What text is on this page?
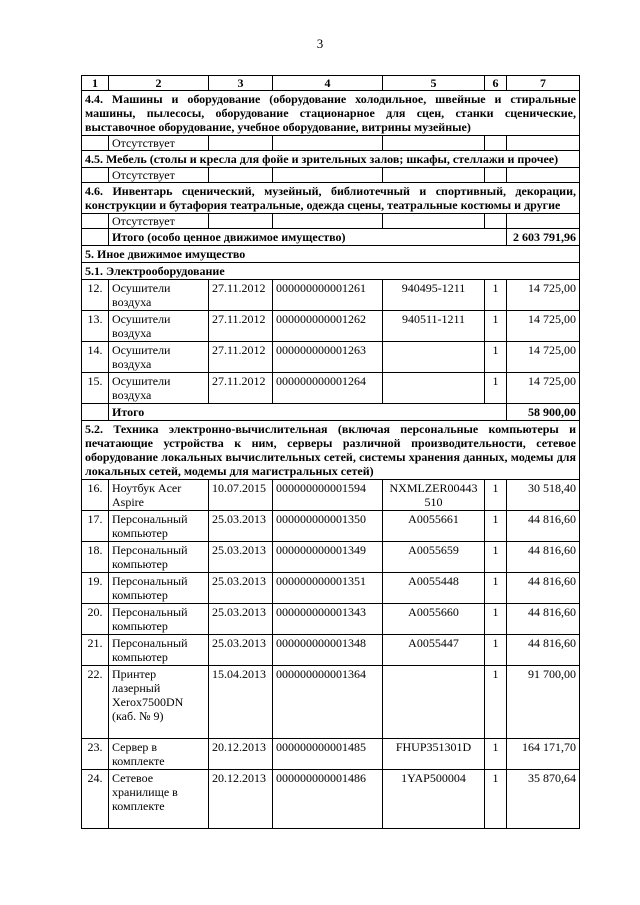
3
1	2	3	4	5	6	7
4.4. Машины и оборудование (оборудование холодильное, швейные и стиральные машины, пылесосы, оборудование стационарное для сцен, станки сценические, выставочное оборудование, учебное оборудование, витрины музейные)						
	Отсутствует					
4.5. Мебель (столы и кресла для фойе и зрительных залов; шкафы, стеллажи и прочее)						
	Отсутствует					
4.6. Инвентарь сценический, музейный, библиотечный и спортивный, декорации, конструкции и бутафория театральные, одежда сцены, театральные костюмы и другие						
	Отсутствует					
	Итого (особо ценное движимое имущество)					2 603 791,96
5. Иное движимое имущество						
5.1. Электрооборудование						
12.	Осушители воздуха	27.11.2012	000000000001261	940495-1211	1	14 725,00
13.	Осушители воздуха	27.11.2012	000000000001262	940511-1211	1	14 725,00
14.	Осушители воздуха	27.11.2012	000000000001263		1	14 725,00
15.	Осушители воздуха	27.11.2012	000000000001264		1	14 725,00
	Итого					58 900,00
5.2. Техника электронно-вычислительная (включая персональные компьютеры и печатающие устройства к ним, серверы различной производительности, сетевое оборудование локальных вычислительных сетей, системы хранения данных, модемы для локальных сетей, модемы для магистральных сетей)						
16.	Ноутбук Acer Aspire	10.07.2015	000000000001594	NXMLZER00443 510	1	30 518,40
17.	Персональный компьютер	25.03.2013	000000000001350	A0055661	1	44 816,60
18.	Персональный компьютер	25.03.2013	000000000001349	A0055659	1	44 816,60
19.	Персональный компьютер	25.03.2013	000000000001351	A0055448	1	44 816,60
20.	Персональный компьютер	25.03.2013	000000000001343	A0055660	1	44 816,60
21.	Персональный компьютер	25.03.2013	000000000001348	A0055447	1	44 816,60
22.	Принтер лазерный Xerox7500DN (каб. № 9)	15.04.2013	000000000001364		1	91 700,00
23.	Сервер в комплекте	20.12.2013	000000000001485	FHUP351301D	1	164 171,70
24.	Сетевое хранилище в комплекте	20.12.2013	000000000001486	1YAP500004	1	35 870,64
